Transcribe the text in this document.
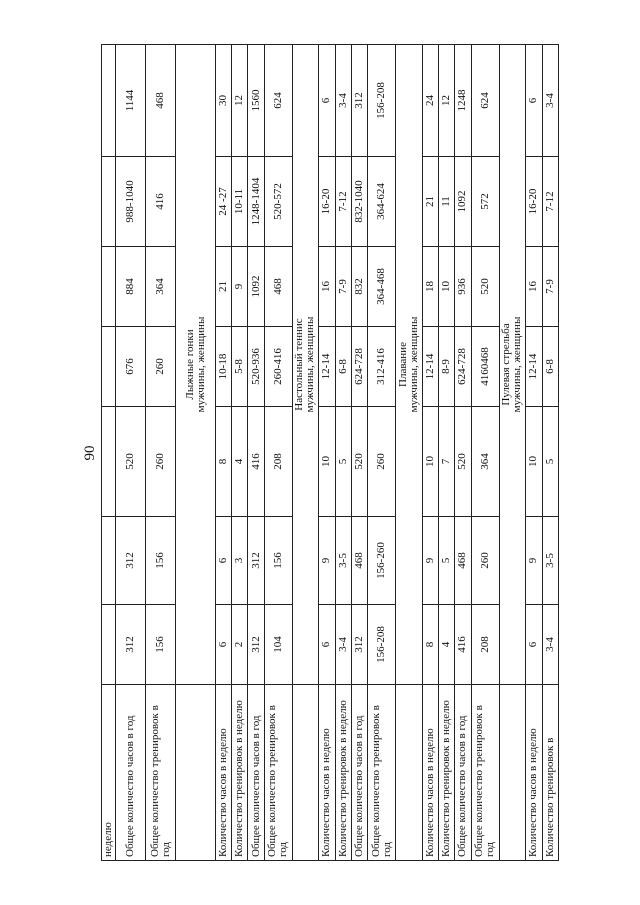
90
неделю							
Общее количество часов в год	312	312	520	676	884	988-1040	1144
Общее количество тренировок в год	156	156	260	260	364	416	468

	Лыжные гонки мужчины, женщины						

Количество часов в неделю	6	6	8	10-18	21	24 -27	30
Количество тренировок в неделю	2	3	4	5-8	9	10-11	12
Общее количество часов в год	312	312	416	520-936	1092	1248-1404	1560
Общее количество тренировок в год	104	156	208	260-416	468	520-572	624

	Настольный теннис мужчины, женщины						

Количество часов в неделю	6	9	10	12-14	16	16-20	6
Количество тренировок в неделю	3-4	3-5	5	6-8	7-9	7-12	3-4
Общее количество часов в год	312	468	520	624-728	832	832-1040	312
Общее количество тренировок в год	156-208	156-260	260	312-416	364-468	364-624	156-208

	Плавание мужчины, женщины						

Количество часов в неделю	8	9	10	12-14	18	21	24
Количество тренировок в неделю	4	5	7	8-9	10	11	12
Общее количество часов в год	416	468	520	624-728	936	1092	1248
Общее количество тренировок в год	208	260	364	4160468	520	572	624

	Пулевая стрельба мужчины, женщины						

Количество часов в неделю	6	9	10	12-14	16	16-20	6
Количество тренировок в	3-4	3-5	5	6-8	7-9	7-12	3-4
